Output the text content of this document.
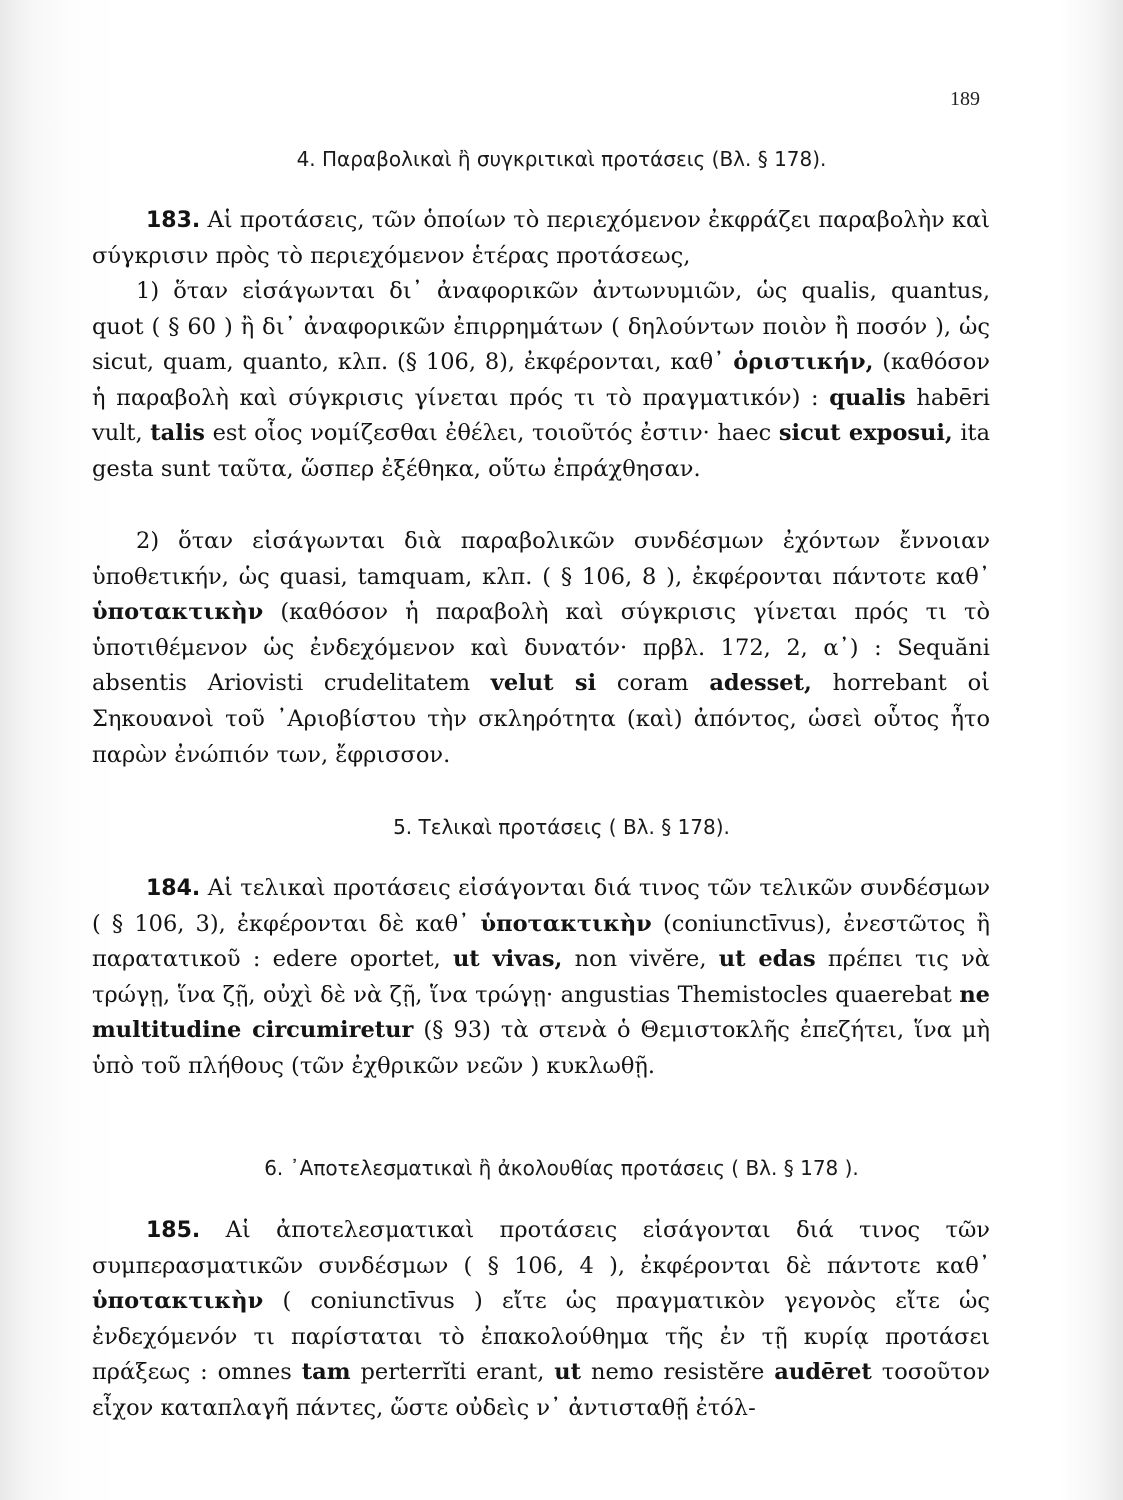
189
4. Παραβολικαὶ ἢ συγκριτικαὶ προτάσεις (Βλ. § 178).
183. Αἱ προτάσεις, τῶν ὁποίων τὸ περιεχόμενον ἐκφράζει παραβολὴν καὶ σύγκρισιν πρὸς τὸ περιεχόμενον ἑτέρας προτάσεως,
1) ὅταν εἰσάγωνται δι᾿ ἀναφορικῶν ἀντωνυμιῶν, ὡς qualis, quantus, quot ( § 60 ) ἢ δι᾿ ἀναφορικῶν ἐπιρρημάτων ( δηλούντων ποιὸν ἢ ποσόν ), ὡς sicut, quam, quanto, κλπ. (§ 106, 8), ἐκφέρονται, καθ᾿ ὁριστικήν, (καθόσον ἡ παραβολὴ καὶ σύγκρισις γίνεται πρός τι τὸ πραγματικόν) : qualis habēri vult, talis est οἷος νομίζεσθαι ἐθέλει, τοιοῦτός ἐστιν· haec sicut exposui, ita gesta sunt ταῦτα, ὥσπερ ἐξέθηκα, οὕτω ἐπράχθησαν.
2) ὅταν εἰσάγωνται διὰ παραβολικῶν συνδέσμων ἐχόντων ἔννοιαν ὑποθετικήν, ὡς quasi, tamquam, κλπ. ( § 106, 8 ), ἐκφέρονται πάντοτε καθ᾿ ὑποτακτικὴν (καθόσον ἡ παραβολὴ καὶ σύγκρισις γίνεται πρός τι τὸ ὑποτιθέμενον ὡς ἐνδεχόμενον καὶ δυνατόν· πρβλ. 172, 2, α᾿) : Sequăni absentis Ariovisti crudelitatem velut si coram adesset, horrebant οἱ Σηκουανοὶ τοῦ ᾿Αριοβίστου τὴν σκληρότητα (καὶ) ἀπόντος, ὡσεὶ οὗτος ἦτο παρὼν ἐνώπιόν των, ἔφρισσον.
5. Τελικαὶ προτάσεις ( Βλ. § 178).
184. Αἱ τελικαὶ προτάσεις εἰσάγονται διά τινος τῶν τελικῶν συνδέσμων ( § 106, 3), ἐκφέρονται δὲ καθ᾿ ὑποτακτικὴν (coniunctīvus), ἐνεστῶτος ἢ παρατατικοῦ : edere oportet, ut vivas, non vivĕre, ut edas πρέπει τις νὰ τρώγῃ, ἵνα ζῇ, οὐχὶ δὲ νὰ ζῇ, ἵνα τρώγῃ· angustias Themistocles quaerebat ne multitudine circumiretur (§ 93) τὰ στενὰ ὁ Θεμιστοκλῆς ἐπεζήτει, ἵνα μὴ ὑπὸ τοῦ πλήθους (τῶν ἐχθρικῶν νεῶν ) κυκλωθῇ.
6. ᾿Αποτελεσματικαὶ ἢ ἀκολουθίας προτάσεις ( Βλ. § 178 ).
185. Αἱ ἀποτελεσματικαὶ προτάσεις εἰσάγονται διά τινος τῶν συμπερασματικῶν συνδέσμων ( § 106, 4 ), ἐκφέρονται δὲ πάντοτε καθ᾿ ὑποτακτικὴν ( coniunctīvus ) εἴτε ὡς πραγματικὸν γεγονὸς εἴτε ὡς ἐνδεχόμενόν τι παρίσταται τὸ ἐπακολούθημα τῆς ἐν τῇ κυρίᾳ προτάσει πράξεως : omnes tam perterrĭti erant, ut nemo resistĕre audēret τοσοῦτον εἶχον καταπλαγῆ πάντες, ὥστε οὐδεὶς ν᾿ ἀντισταθῇ ἐτόλ-
